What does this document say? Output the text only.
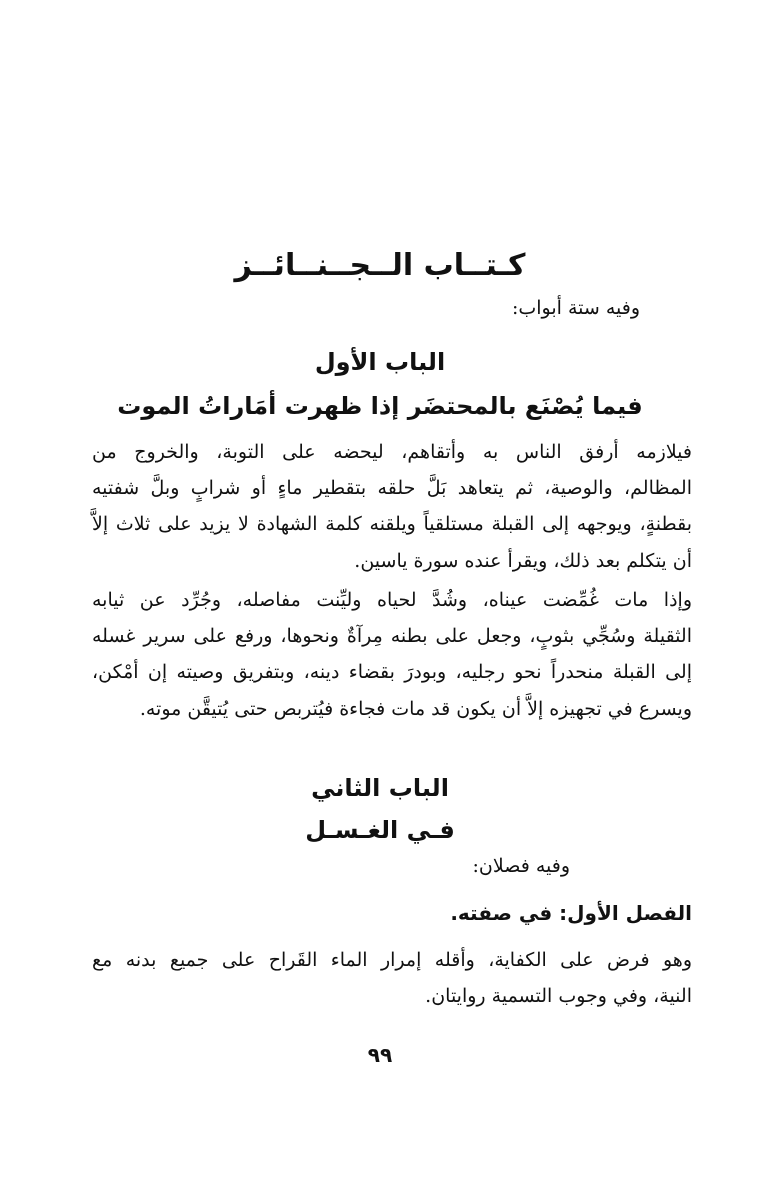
كـتــاب الــجــنــائــز
وفيه ستة أبواب:
الباب الأول
فيما يُصْنَع بالمحتضَر إذا ظهرت أمَاراتُ الموت
فيلازمه أرفق الناس به وأتقاهم، ليحضه على التوبة، والخروج من
المظالم، والوصية، ثم يتعاهد بَلَّ حلقه بتقطير ماءٍ أو شرابٍ وبلَّ شفتيه
بقطنةٍ، ويوجهه إلى القبلة مستلقياً ويلقنه كلمة الشهادة لا يزيد على ثلاث إلاَّ
أن يتكلم بعد ذلك، ويقرأ عنده سورة ياسين.
وإذا مات غُمِّضت عيناه، وشُدَّ لحياه وليِّنت مفاصله، وجُرِّد عن ثيابه
الثقيلة وسُجِّي بثوبٍ، وجعل على بطنه مِرآةٌ ونحوها، ورفع على سرير غسله
إلى القبلة منحدراً نحو رجليه، وبودرَ بقضاء دينه، وبتفريق وصيته إن أمْكن،
ويسرع في تجهيزه إلاَّ أن يكون قد مات فجاءة فيُتربص حتى يُتيقَّن موته.
الباب الثاني
فـي الغـسـل
وفيه فصلان:
الفصل الأول: في صفته.
وهو فرض على الكفاية، وأقله إمرار الماء القَراح على جميع بدنه مع
النية، وفي وجوب التسمية روايتان.
٩٩
